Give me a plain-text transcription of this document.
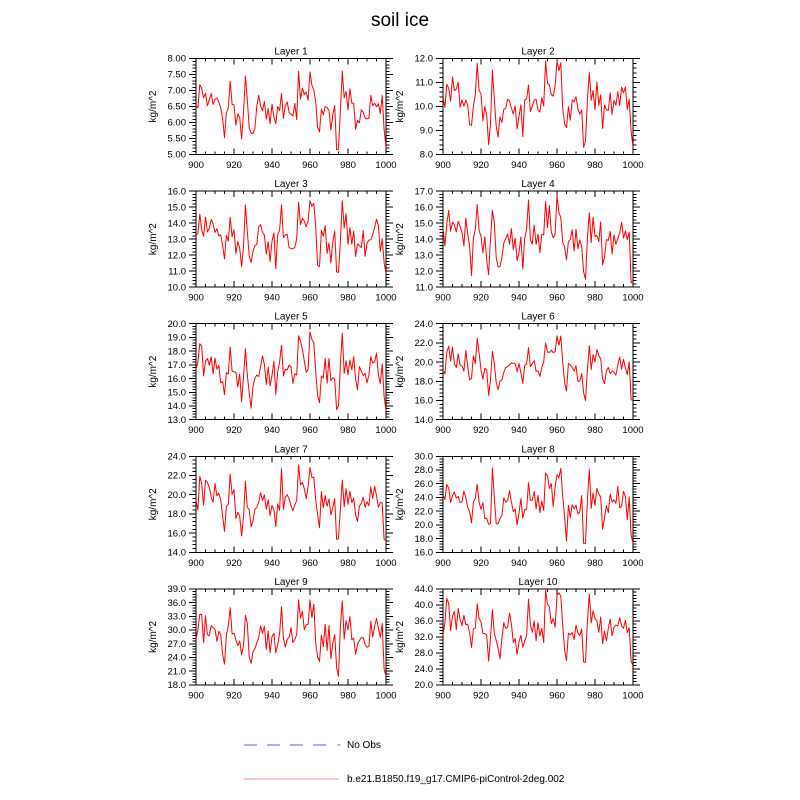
soil ice
Layer 1
kg/m^2
5.00
5.50
6.00
6.50
7.00
7.50
8.00
900 920 940 960 980 1000
Layer 2
kg/m^2
8.0
9.0
10.0
11.0
12.0
900 920 940 960 980 1000
Layer 3
kg/m^2
10.0
11.0
12.0
13.0
14.0
15.0
16.0
900 920 940 960 980 1000
Layer 4
kg/m^2
11.0
12.0
13.0
14.0
15.0
16.0
17.0
900 920 940 960 980 1000
Layer 5
kg/m^2
13.0
14.0
15.0
16.0
17.0
18.0
19.0
20.0
900 920 940 960 980 1000
Layer 6
kg/m^2
14.0
16.0
18.0
20.0
22.0
24.0
900 920 940 960 980 1000
Layer 7
kg/m^2
14.0
16.0
18.0
20.0
22.0
24.0
900 920 940 960 980 1000
Layer 8
kg/m^2
16.0
18.0
20.0
22.0
24.0
26.0
28.0
30.0
900 920 940 960 980 1000
Layer 9
kg/m^2
18.0
21.0
24.0
27.0
30.0
33.0
36.0
39.0
900 920 940 960 980 1000
Layer 10
kg/m^2
20.0
24.0
28.0
32.0
36.0
40.0
44.0
900 920 940 960 980 1000
No Obs
b.e21.B1850.f19_g17.CMIP6-piControl-2deg.002
